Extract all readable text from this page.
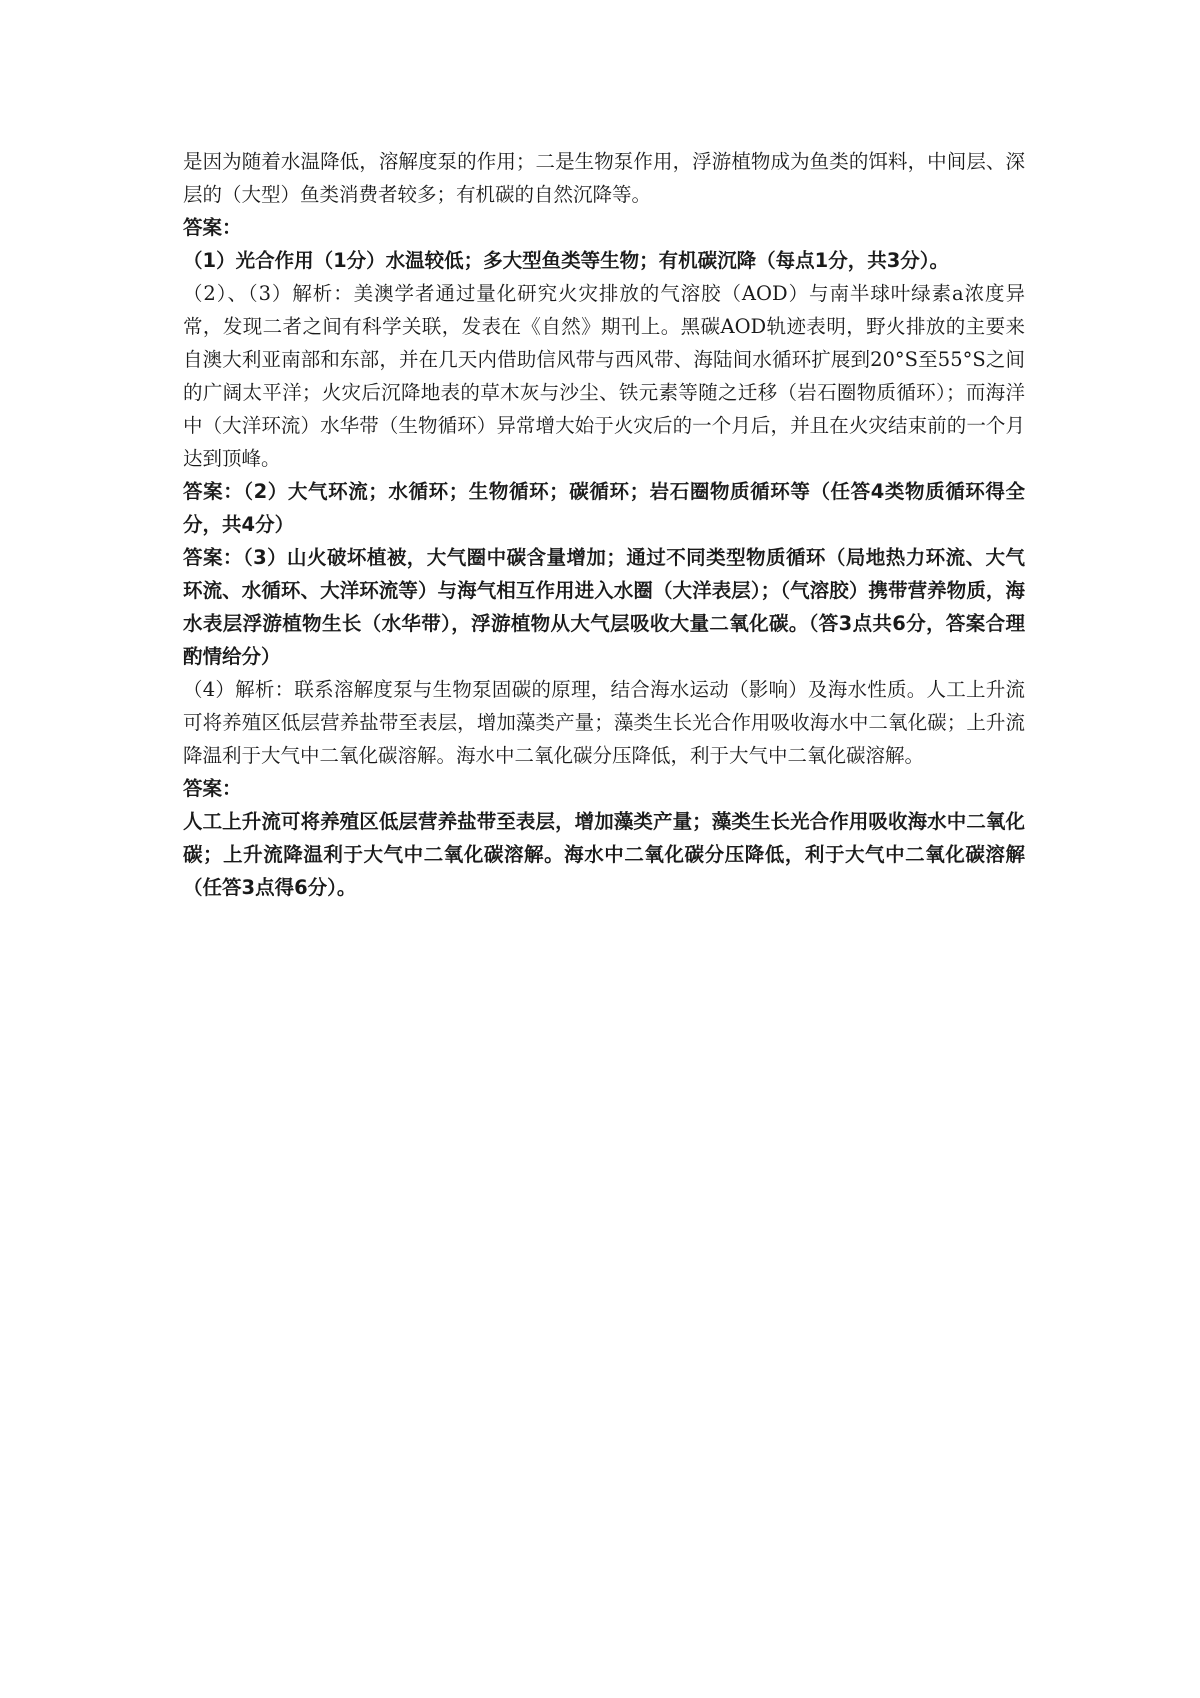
是因为随着水温降低，溶解度泵的作用；二是生物泵作用，浮游植物成为鱼类的饵料，中间层、深层的（大型）鱼类消费者较多；有机碳的自然沉降等。

答案：

（1）光合作用（1分）水温较低；多大型鱼类等生物；有机碳沉降（每点1分，共3分）。

（2）、（3）解析：美澳学者通过量化研究火灾排放的气溶胶（AOD）与南半球叶绿素a浓度异常，发现二者之间有科学关联，发表在《自然》期刊上。黑碳AOD轨迹表明，野火排放的主要来自澳大利亚南部和东部，并在几天内借助信风带与西风带、海陆间水循环扩展到20°S至55°S之间的广阔太平洋；火灾后沉降地表的草木灰与沙尘、铁元素等随之迁移（岩石圈物质循环）；而海洋中（大洋环流）水华带（生物循环）异常增大始于火灾后的一个月后，并且在火灾结束前的一个月达到顶峰。

答案：（2）大气环流；水循环；生物循环；碳循环；岩石圈物质循环等（任答4类物质循环得全分，共4分）

答案：（3）山火破坏植被，大气圈中碳含量增加；通过不同类型物质循环（局地热力环流、大气环流、水循环、大洋环流等）与海气相互作用进入水圈（大洋表层）；（气溶胶）携带营养物质，海水表层浮游植物生长（水华带），浮游植物从大气层吸收大量二氧化碳。（答3点共6分，答案合理酌情给分）

（4）解析：联系溶解度泵与生物泵固碳的原理，结合海水运动（影响）及海水性质。人工上升流可将养殖区低层营养盐带至表层，增加藻类产量；藻类生长光合作用吸收海水中二氧化碳；上升流降温利于大气中二氧化碳溶解。海水中二氧化碳分压降低，利于大气中二氧化碳溶解。

答案：

人工上升流可将养殖区低层营养盐带至表层，增加藻类产量；藻类生长光合作用吸收海水中二氧化碳；上升流降温利于大气中二氧化碳溶解。海水中二氧化碳分压降低，利于大气中二氧化碳溶解（任答3点得6分）。
